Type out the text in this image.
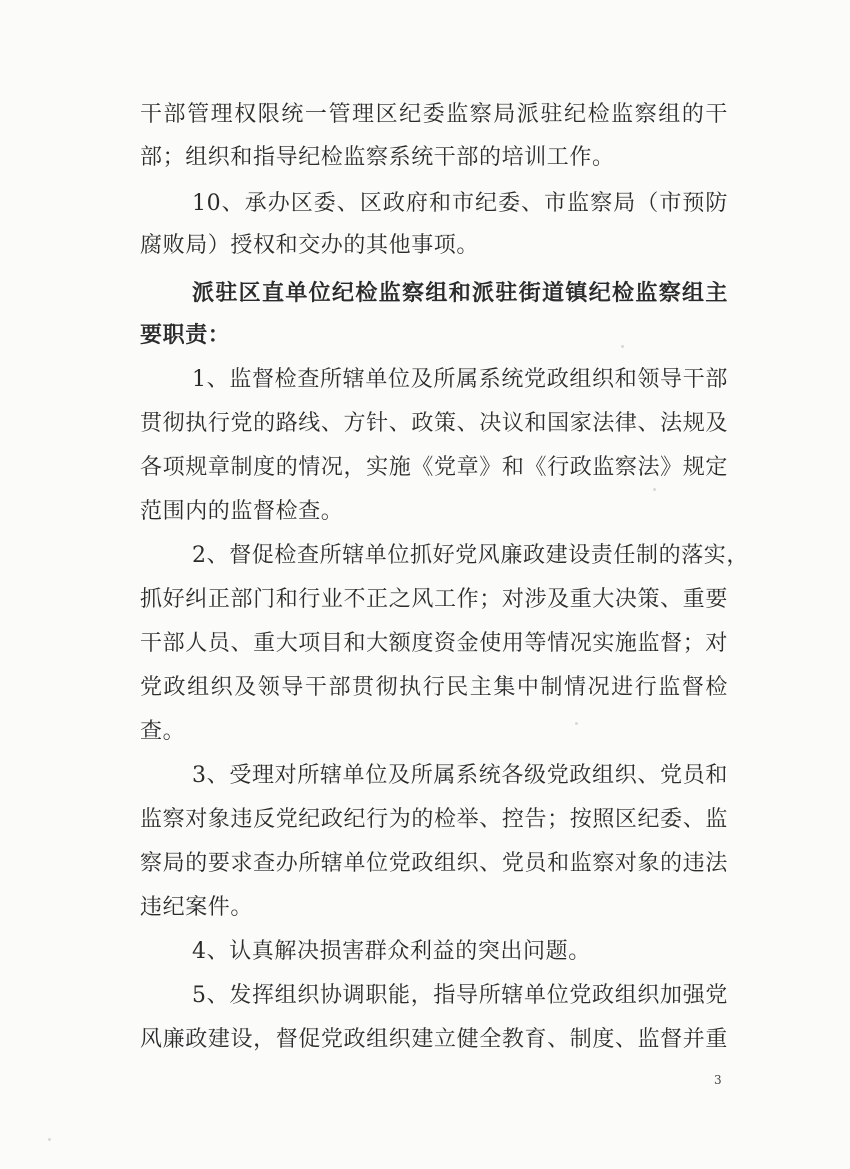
干部管理权限统一管理区纪委监察局派驻纪检监察组的干
部；组织和指导纪检监察系统干部的培训工作。
10、承办区委、区政府和市纪委、市监察局（市预防
腐败局）授权和交办的其他事项。
派驻区直单位纪检监察组和派驻街道镇纪检监察组主
要职责：
1、监督检查所辖单位及所属系统党政组织和领导干部
贯彻执行党的路线、方针、政策、决议和国家法律、法规及
各项规章制度的情况，实施《党章》和《行政监察法》规定
范围内的监督检查。
2、督促检查所辖单位抓好党风廉政建设责任制的落实，
抓好纠正部门和行业不正之风工作；对涉及重大决策、重要
干部人员、重大项目和大额度资金使用等情况实施监督；对
党政组织及领导干部贯彻执行民主集中制情况进行监督检
查。
3、受理对所辖单位及所属系统各级党政组织、党员和
监察对象违反党纪政纪行为的检举、控告；按照区纪委、监
察局的要求查办所辖单位党政组织、党员和监察对象的违法
违纪案件。
4、认真解决损害群众利益的突出问题。
5、发挥组织协调职能，指导所辖单位党政组织加强党
风廉政建设，督促党政组织建立健全教育、制度、监督并重
3
